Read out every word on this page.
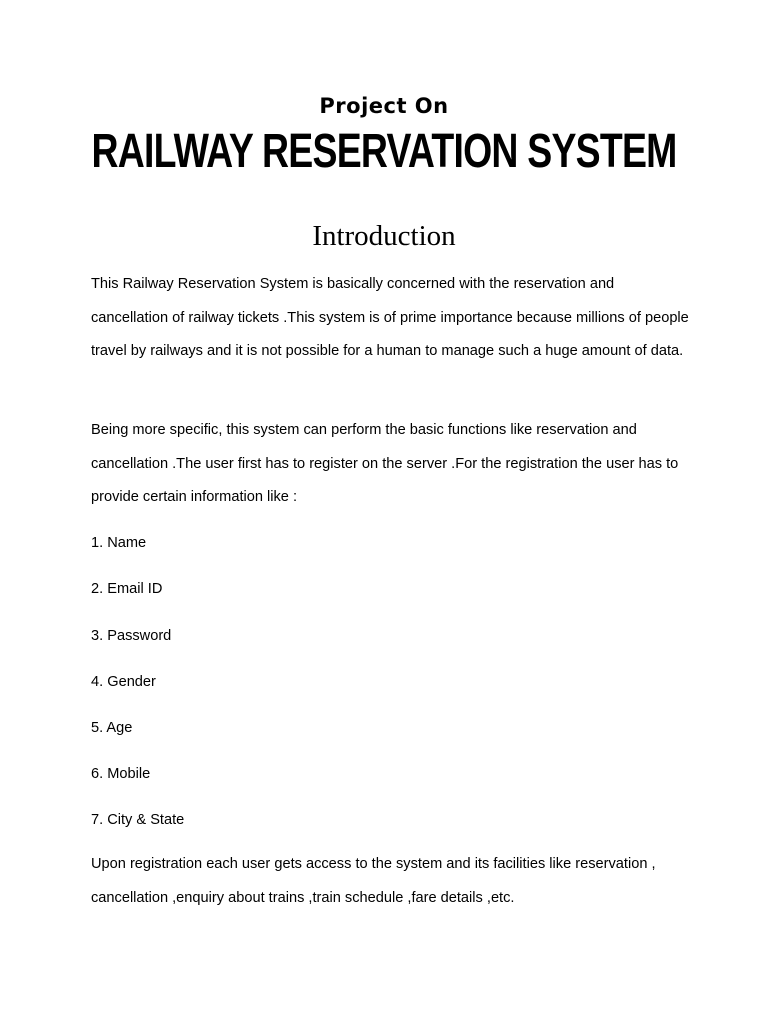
Project On
RAILWAY RESERVATION SYSTEM
Introduction

This Railway Reservation System is basically concerned with the reservation and cancellation of railway tickets .This system is of prime importance because millions of people travel by railways and it is not possible for a human to manage such a huge amount of data.

Being more specific, this system can perform the basic functions like reservation and cancellation .The user first has to register on the server .For the registration the user has to provide certain information like :

1. Name
2. Email ID
3. Password
4. Gender
5. Age
6. Mobile
7. City & State

Upon registration each user gets access to the system and its facilities like reservation , cancellation ,enquiry about trains ,train schedule ,fare details ,etc.
